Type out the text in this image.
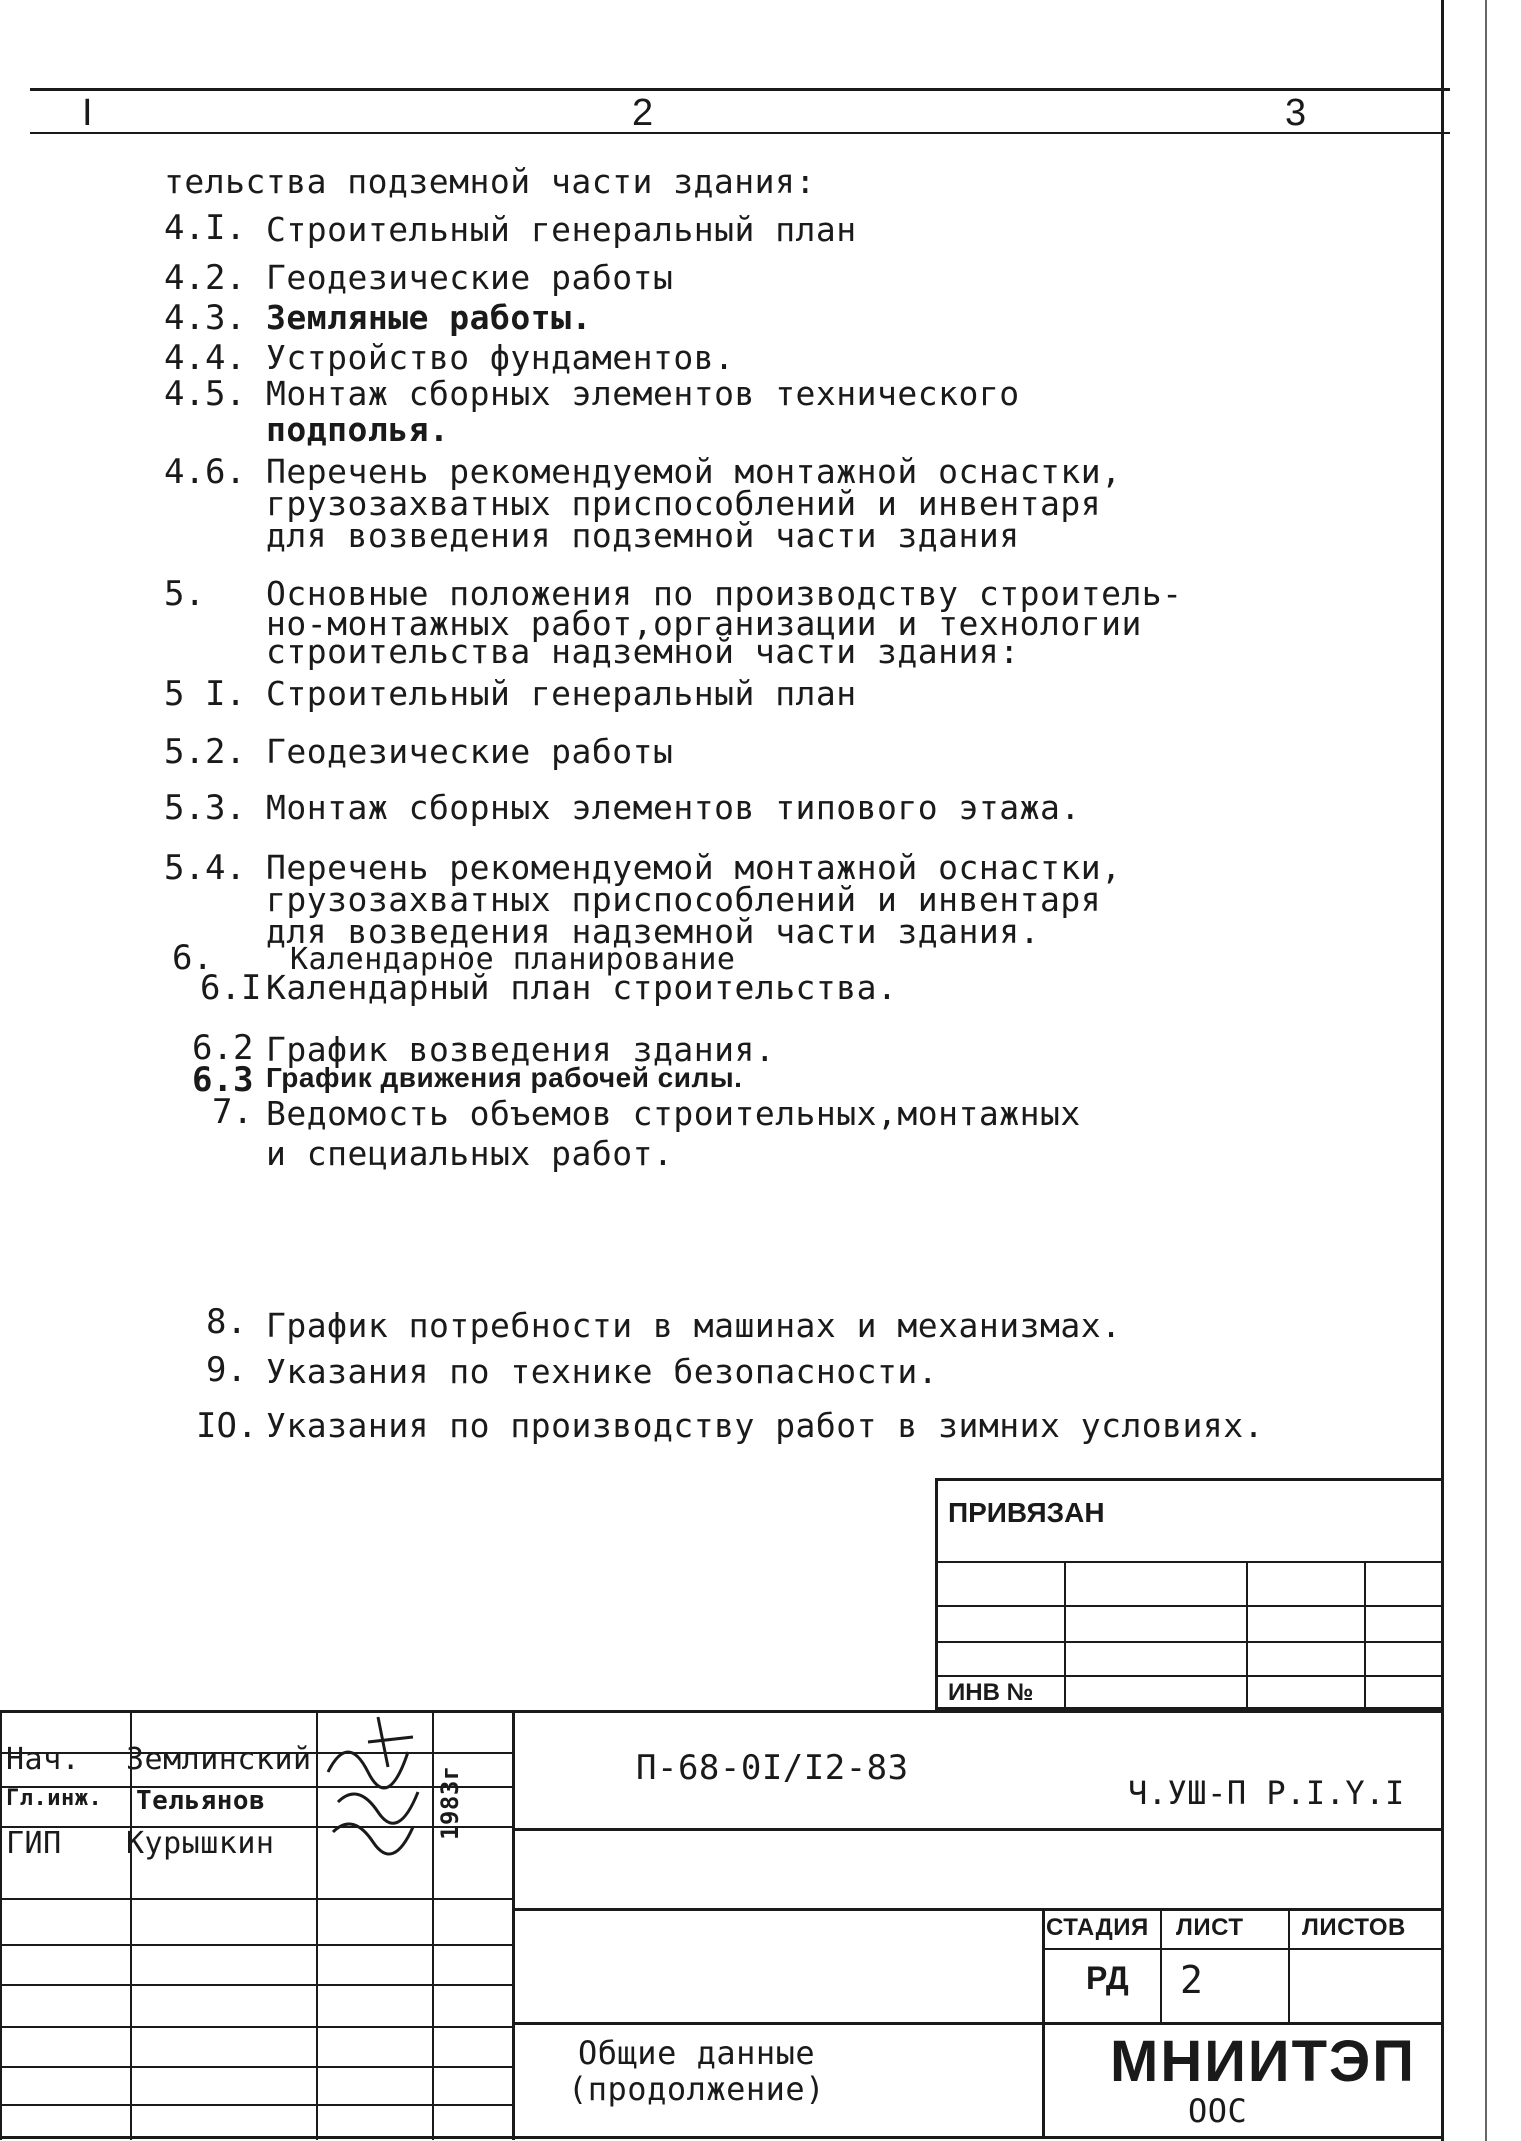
I	2	3
тельства подземной части здания:
4.I. Строительный генеральный план
4.2. Геодезические работы
4.3. Земляные работы.
4.4. Устройство фундаментов.
4.5. Монтаж сборных элементов технического
подполья.
4.6. Перечень рекомендуемой монтажной оснастки,
грузозахватных приспособлений и инвентаря
для возведения подземной части здания
5. Основные положения по производству строитель-
но-монтажных работ,организации и технологии
строительства надземной части здания:
5 I. Строительный генеральный план
5.2. Геодезические работы
5.3. Монтаж сборных элементов типового этажа.
5.4. Перечень рекомендуемой монтажной оснастки,
грузозахватных приспособлений и инвентаря
для возведения надземной части здания.
6.	Календарное планирование
6.I Календарный план строительства.
6.2 График возведения здания.
6.3 График движения рабочей силы.
7. Ведомость объемов строительных,монтажных
и специальных работ.
8. График потребности в машинах и механизмах.
9. Указания по технике безопасности.
IO. Указания по производству работ в зимних условиях.
ПРИВЯЗАН
ИНВ №
Нач. Землинский
Гл.инж. Тельянов
ГИП Курышкин
1983г	П-68-0I/I2-83
Ч.УШ-П Р.I.Y.I
СТАДИЯ ЛИСТ ЛИСТОВ
РД 2
Общие данные
(продолжение)	МНИИТЭП
ООС
